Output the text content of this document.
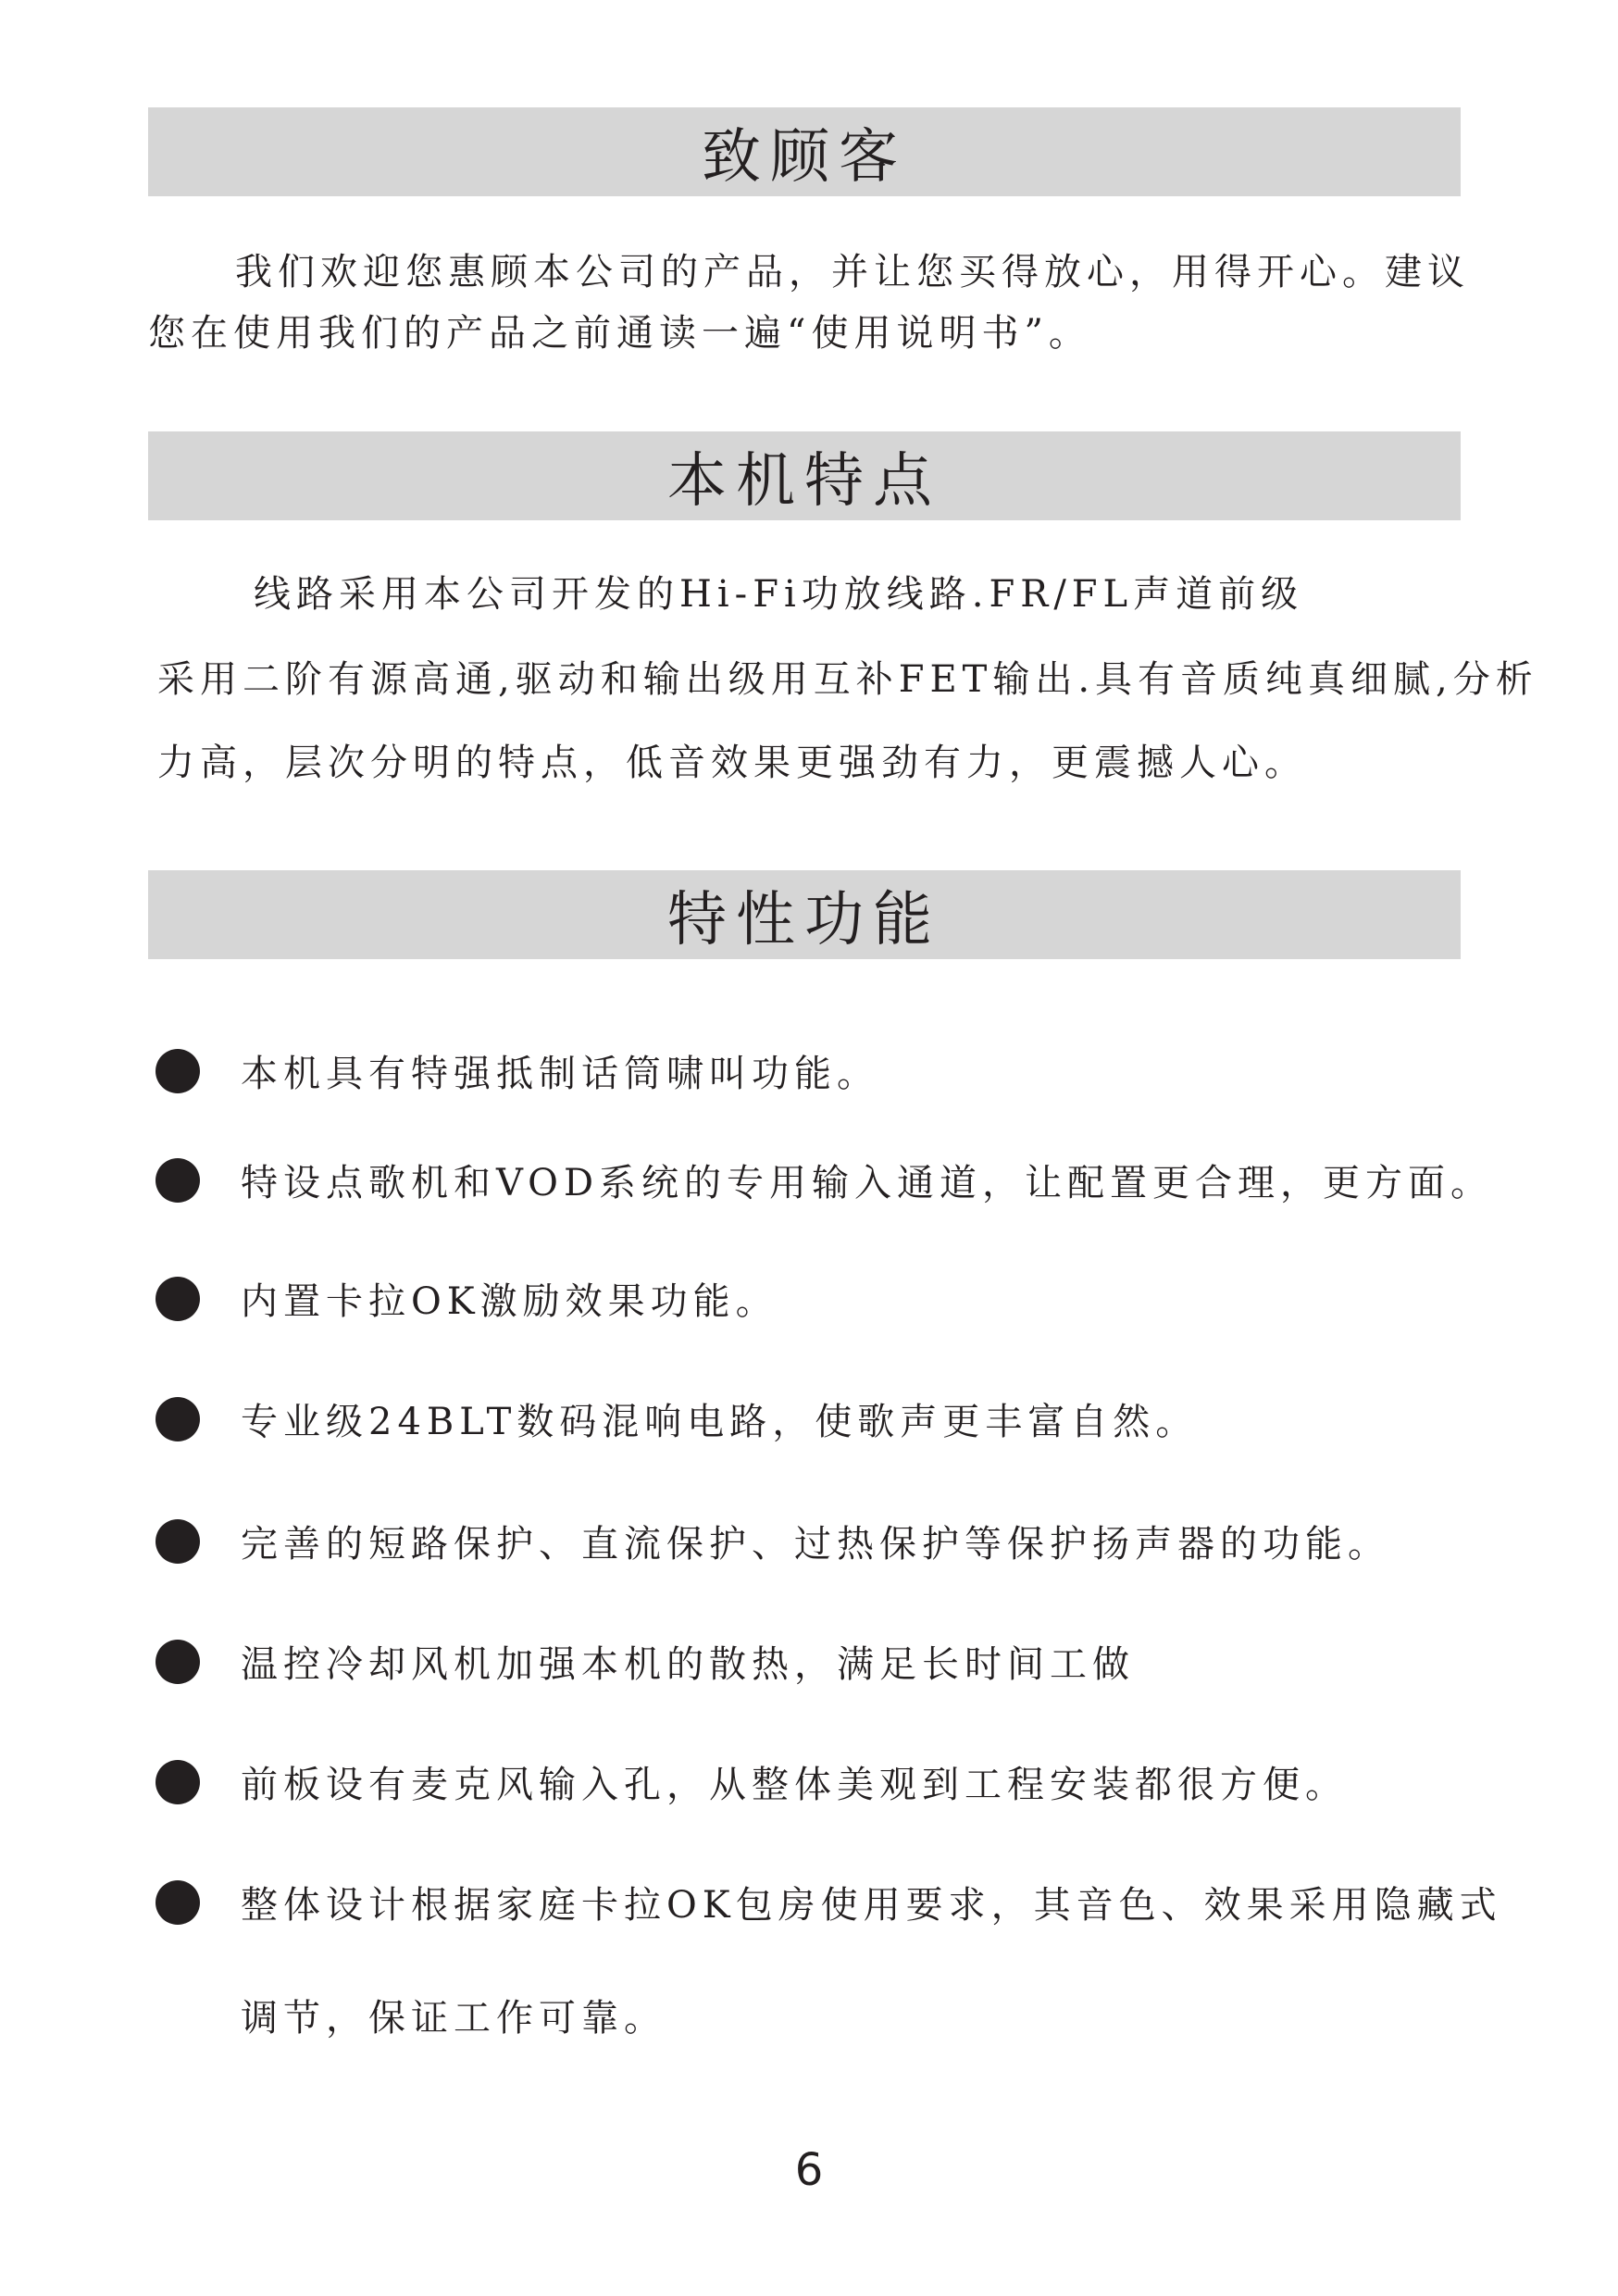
致顾客

我们欢迎您惠顾本公司的产品，并让您买得放心，用得开心。建议

您在使用我们的产品之前通读一遍“使用说明书”。

本机特点

线路采用本公司开发的Hi-Fi功放线路.FR/FL声道前级

采用二阶有源高通,驱动和输出级用互补FET输出.具有音质纯真细腻,分析

力高，层次分明的特点，低音效果更强劲有力，更震撼人心。

特性功能
本机具有特强抵制话筒啸叫功能。
特设点歌机和VOD系统的专用输入通道，让配置更合理，更方面。
内置卡拉OK激励效果功能。
专业级24BLT数码混响电路，使歌声更丰富自然。
完善的短路保护、直流保护、过热保护等保护扬声器的功能。
温控冷却风机加强本机的散热，满足长时间工做
前板设有麦克风输入孔，从整体美观到工程安装都很方便。
整体设计根据家庭卡拉OK包房使用要求，其音色、效果采用隐藏式
调节，保证工作可靠。
6
